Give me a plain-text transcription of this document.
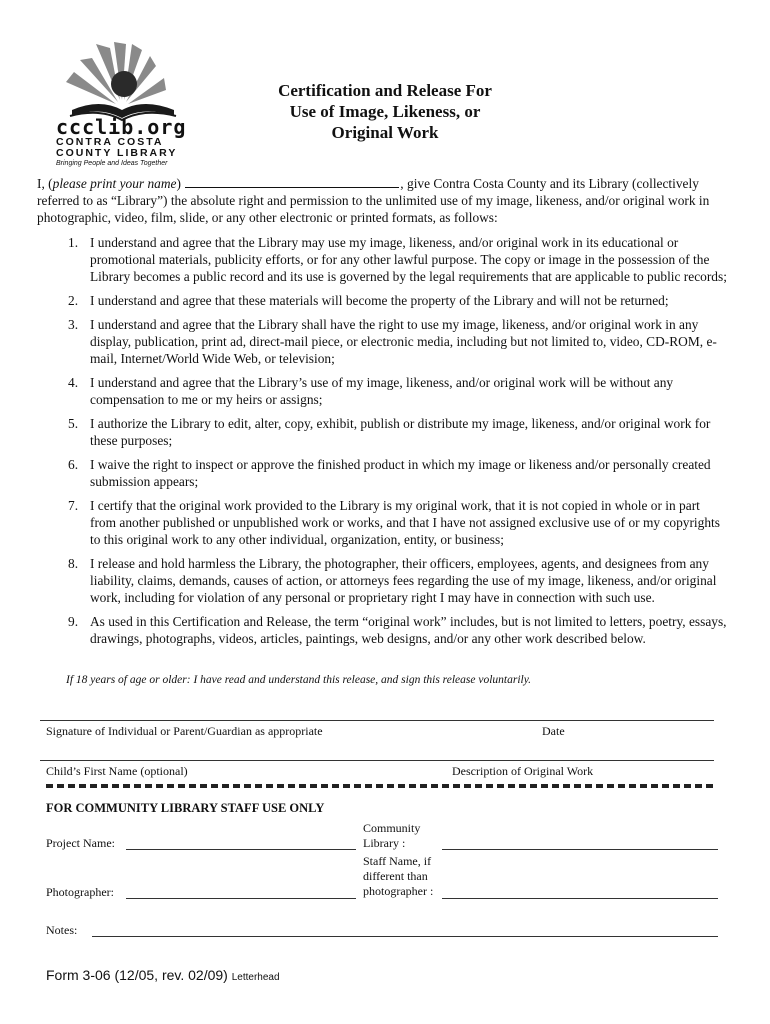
ccclib.org
CONTRA COSTA
COUNTY LIBRARY
Bringing People and Ideas Together
Certification and Release For
Use of Image, Likeness, or
Original Work
I, (please print your name)	, give Contra Costa County and its Library (collectively referred to as “Library”) the absolute right and permission to the unlimited use of my image, likeness, and/or original work in photographic, video, film, slide, or any other electronic or printed formats, as follows:
1. I understand and agree that the Library may use my image, likeness, and/or original work in its educational or promotional materials, publicity efforts, or for any other lawful purpose. The copy or image in the possession of the Library becomes a public record and its use is governed by the legal requirements that are applicable to public records;
2. I understand and agree that these materials will become the property of the Library and will not be returned;
3. I understand and agree that the Library shall have the right to use my image, likeness, and/or original work in any display, publication, print ad, direct-mail piece, or electronic media, including but not limited to, video, CD-ROM, e-mail, Internet/World Wide Web, or television;
4. I understand and agree that the Library’s use of my image, likeness, and/or original work will be without any compensation to me or my heirs or assigns;
5. I authorize the Library to edit, alter, copy, exhibit, publish or distribute my image, likeness, and/or original work for these purposes;
6. I waive the right to inspect or approve the finished product in which my image or likeness and/or personally created submission appears;
7. I certify that the original work provided to the Library is my original work, that it is not copied in whole or in part from another published or unpublished work or works, and that I have not assigned exclusive use of or my copyrights to this original work to any other individual, organization, entity, or business;
8. I release and hold harmless the Library, the photographer, their officers, employees, agents, and designees from any liability, claims, demands, causes of action, or attorneys fees regarding the use of my image, likeness, and/or original work, including for violation of any personal or proprietary right I may have in connection with such use.
9. As used in this Certification and Release, the term “original work” includes, but is not limited to letters, poetry, essays, drawings, photographs, videos, articles, paintings, web designs, and/or any other work described below.
If 18 years of age or older: I have read and understand this release, and sign this release voluntarily.
Signature of Individual or Parent/Guardian as appropriate	Date
Child’s First Name (optional)	Description of Original Work
FOR COMMUNITY LIBRARY STAFF USE ONLY
Project Name:
Community
Library :
Photographer:
Staff Name, if
different than
photographer :
Notes:
Form 3-06 (12/05, rev. 02/09) Letterhead
